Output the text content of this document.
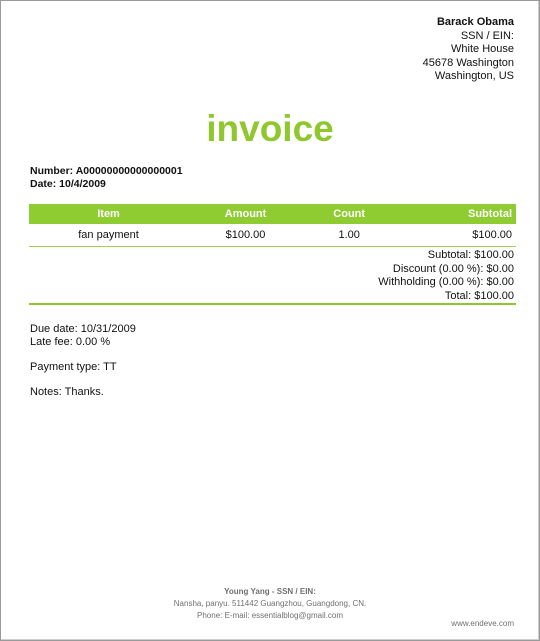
Barack Obama
SSN / EIN:
White House
45678 Washington
Washington, US
invoice
Number: A00000000000000001
Date: 10/4/2009
Item	Amount	Count	Subtotal
fan payment	$100.00	1.00	$100.00
Subtotal: $100.00
Discount (0.00 %): $0.00
Withholding (0.00 %): $0.00
Total: $100.00
Due date: 10/31/2009
Late fee: 0.00 %
Payment type: TT
Notes: Thanks.
Young Yang - SSN / EIN:
Nansha, panyu. 511442 Guangzhou, Guangdong, CN.
Phone: E-mail: essentialblog@gmail.com
www.endeve.com
